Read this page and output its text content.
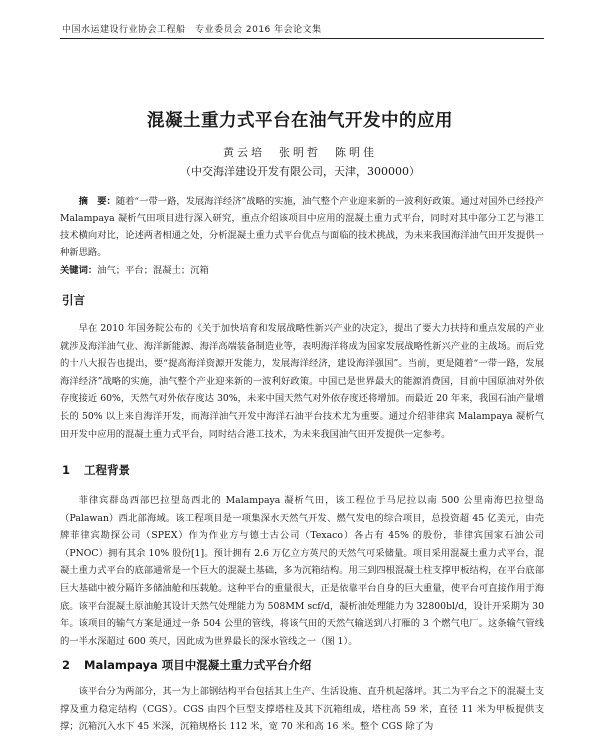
中国水运建设行业协会工程船　专业委员会 2016 年会论文集
混凝土重力式平台在油气开发中的应用
黄云培　张明哲　陈明佳
（中交海洋建设开发有限公司，天津，300000）
摘　要：随着“一带一路，发展海洋经济”战略的实施，油气整个产业迎来新的一波利好政策。通过对国外已经投产 Malampaya 凝析气田项目进行深入研究，重点介绍该项目中应用的混凝土重力式平台，同时对其中部分工艺与港工技术横向对比，论述两者相通之处，分析混凝土重力式平台优点与面临的技术挑战，为未来我国海洋油气田开发提供一种新思路。
关键词：油气；平台；混凝土；沉箱
引言
早在 2010 年国务院公布的《关于加快培育和发展战略性新兴产业的决定》，提出了要大力扶持和重点发展的产业就涉及海洋油气业、海洋新能源、海洋高端装备制造业等，表明海洋将成为国家发展战略性新兴产业的主战场。而后党的十八大报告也提出，要“提高海洋资源开发能力，发展海洋经济，建设海洋强国”。当前，更是随着“一带一路，发展海洋经济”战略的实施，油气整个产业迎来新的一波利好政策。中国已是世界最大的能源消费国，目前中国原油对外依存度接近 60%，天然气对外依存度达 30%，未来中国天然气对外依存度还将增加。而最近 20 年来，我国石油产量增长的 50% 以上来自海洋开发，而海洋油气开发中海洋石油平台技术尤为重要。通过介绍菲律宾 Malampaya 凝析气田开发中应用的混凝土重力式平台，同时结合港工技术，为未来我国油气田开发提供一定参考。
1 工程背景
菲律宾群岛西部巴拉望岛西北的 Malampaya 凝析气田，该工程位于马尼拉以南 500 公里南海巴拉望岛（Palawan）西北部海域。该工程项目是一项集深水天然气开发、燃气发电的综合项目，总投资超 45 亿美元，由壳牌菲律宾勘探公司（SPEX）作为作业方与德士古公司（Texaco）各占有 45% 的股份，菲律宾国家石油公司（PNOC）拥有其余 10% 股份[1]。预计拥有 2.6 万亿立方英尺的天然气可采储量。项目采用混凝土重力式平台，混凝土重力式平台的底部通常是一个巨大的混凝土基础，多为沉箱结构。用三到四根混凝土柱支撑甲板结构，在平台底部巨大基础中被分隔许多储油舱和压载舱。这种平台的重量很大，正是依靠平台自身的巨大重量，使平台可直接作用于海底。该平台混凝土原油舱其设计天然气处理能力为 508MM scf/d，凝析油处理能力为 32800bl/d，设计开采期为 30 年。该项目的输气方案是通过一条 504 公里的管线，将该气田的天然气输送到八打雁的 3 个燃气电厂。这条输气管线的一半水深超过 600 英尺，因此成为世界最长的深水管线之一（图 1）。
2 Malampaya 项目中混凝土重力式平台介绍
该平台分为两部分，其一为上部钢结构平台包括其上生产、生活设施、直升机起落坪。其二为平台之下的混凝土支撑及重力稳定结构（CGS）。CGS 由四个巨型支撑塔柱及其下沉箱组成，塔柱高 59 米，直径 11 米为甲板提供支撑；沉箱沉入水下 45 米深，沉箱规格长 112 米，宽 70 米和高 16 米。整个 CGS 除了为
